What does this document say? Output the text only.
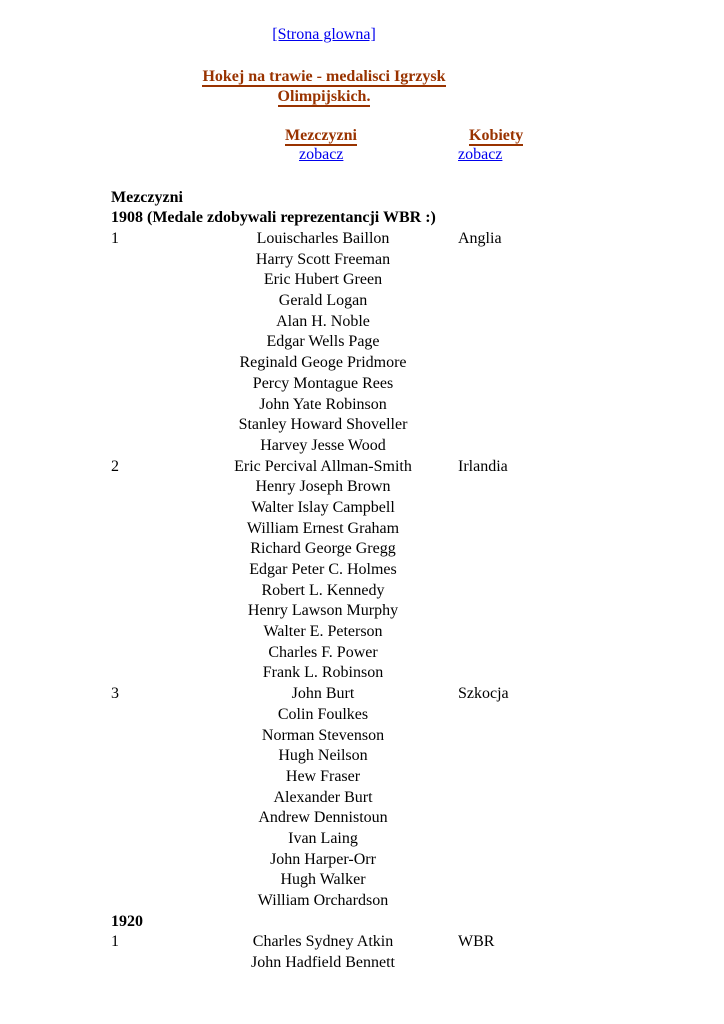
[Strona glowna]
Hokej na trawie - medalisci Igrzysk
Olimpijskich.
Mezczyzni	Kobiety
zobacz	zobacz
Mezczyzni
1908 (Medale zdobywali reprezentancji WBR :)
1	Louischarles Baillon	Anglia
Harry Scott Freeman
Eric Hubert Green
Gerald Logan
Alan H. Noble
Edgar Wells Page
Reginald Geoge Pridmore
Percy Montague Rees
John Yate Robinson
Stanley Howard Shoveller
Harvey Jesse Wood
2	Eric Percival Allman-Smith	Irlandia
Henry Joseph Brown
Walter Islay Campbell
William Ernest Graham
Richard George Gregg
Edgar Peter C. Holmes
Robert L. Kennedy
Henry Lawson Murphy
Walter E. Peterson
Charles F. Power
Frank L. Robinson
3	John Burt	Szkocja
Colin Foulkes
Norman Stevenson
Hugh Neilson
Hew Fraser
Alexander Burt
Andrew Dennistoun
Ivan Laing
John Harper-Orr
Hugh Walker
William Orchardson
1920
1	Charles Sydney Atkin	WBR
John Hadfield Bennett
